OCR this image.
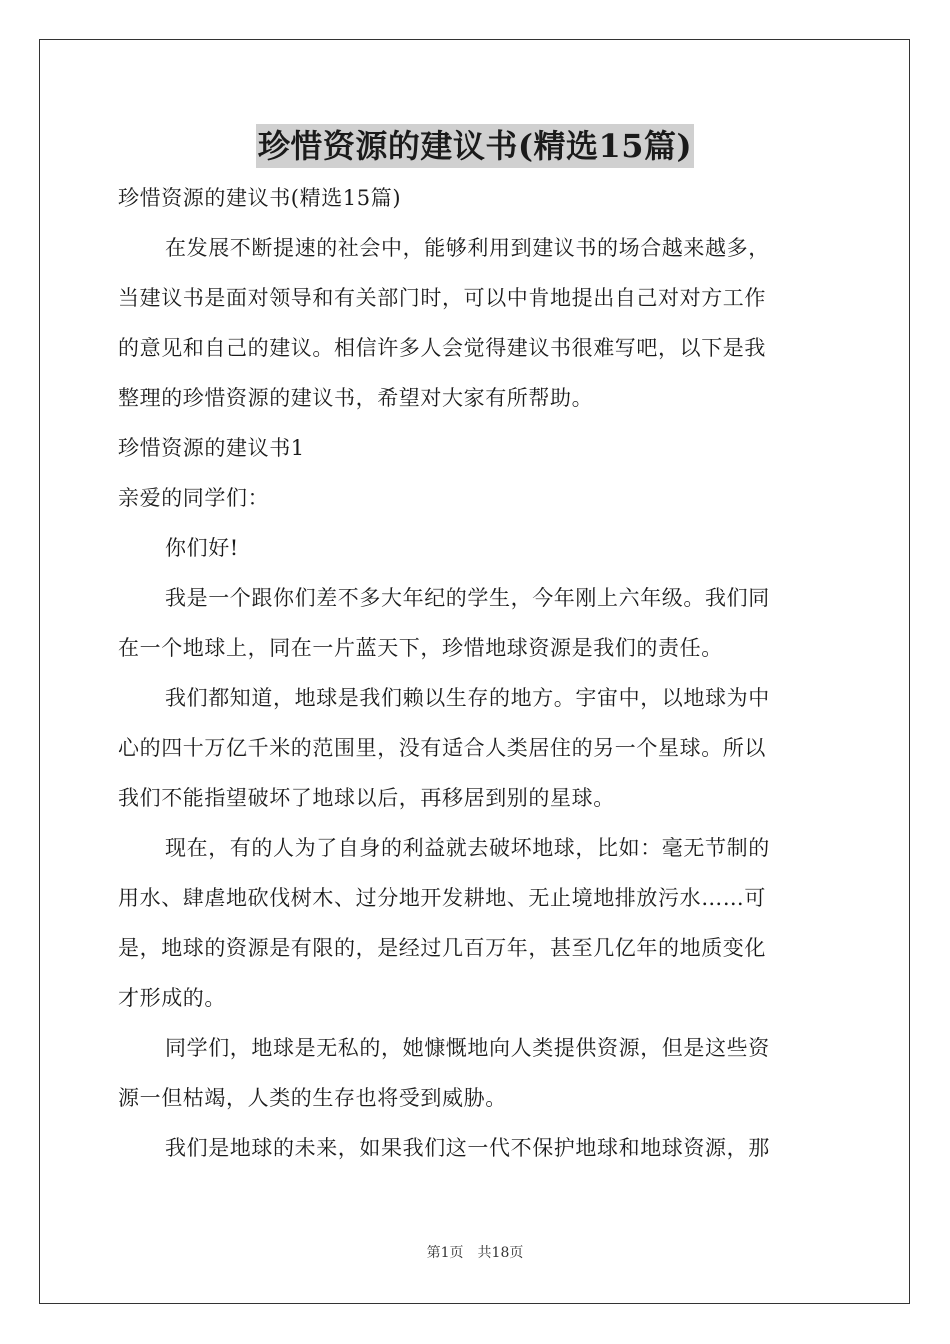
珍惜资源的建议书(精选15篇)
珍惜资源的建议书(精选15篇)
在发展不断提速的社会中，能够利用到建议书的场合越来越多，
当建议书是面对领导和有关部门时，可以中肯地提出自己对对方工作
的意见和自己的建议。相信许多人会觉得建议书很难写吧，以下是我
整理的珍惜资源的建议书，希望对大家有所帮助。
珍惜资源的建议书1
亲爱的同学们：
你们好!
我是一个跟你们差不多大年纪的学生，今年刚上六年级。我们同
在一个地球上，同在一片蓝天下，珍惜地球资源是我们的责任。
我们都知道，地球是我们赖以生存的地方。宇宙中，以地球为中
心的四十万亿千米的范围里，没有适合人类居住的另一个星球。所以
我们不能指望破坏了地球以后，再移居到别的星球。
现在，有的人为了自身的利益就去破坏地球，比如：毫无节制的
用水、肆虐地砍伐树木、过分地开发耕地、无止境地排放污水……可
是，地球的资源是有限的，是经过几百万年，甚至几亿年的地质变化
才形成的。
同学们，地球是无私的，她慷慨地向人类提供资源，但是这些资
源一但枯竭，人类的生存也将受到威胁。
我们是地球的未来，如果我们这一代不保护地球和地球资源，那
第1页 共18页
